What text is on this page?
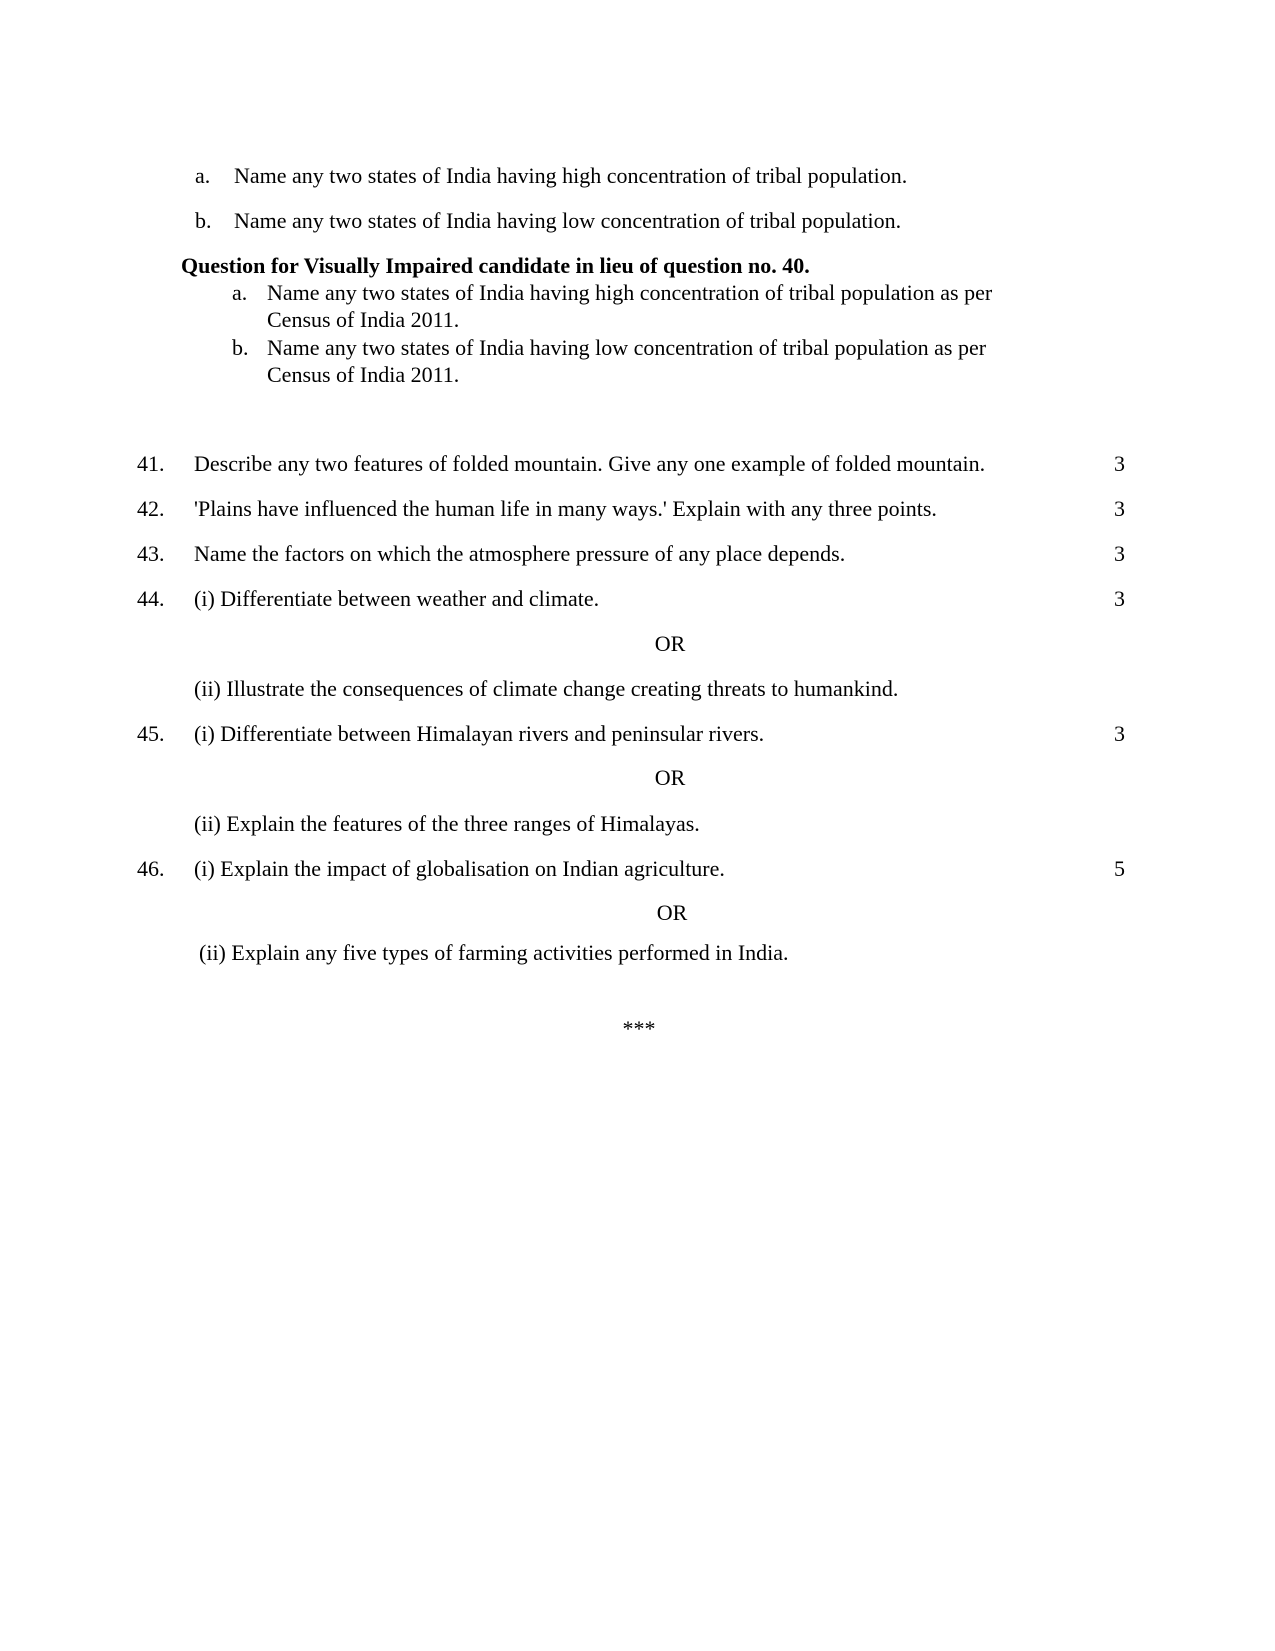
a. Name any two states of India having high concentration of tribal population.
b. Name any two states of India having low concentration of tribal population.
Question for Visually Impaired candidate in lieu of question no. 40.
a. Name any two states of India having high concentration of tribal population as per
Census of India 2011.
b. Name any two states of India having low concentration of tribal population as per
Census of India 2011.
41. Describe any two features of folded mountain. Give any one example of folded mountain.	3
42. 'Plains have influenced the human life in many ways.' Explain with any three points.	3
43. Name the factors on which the atmosphere pressure of any place depends.	3
44. (i) Differentiate between weather and climate.	3
OR
(ii) Illustrate the consequences of climate change creating threats to humankind.
45. (i) Differentiate between Himalayan rivers and peninsular rivers.	3
OR
(ii) Explain the features of the three ranges of Himalayas.
46. (i) Explain the impact of globalisation on Indian agriculture.	5
OR
(ii) Explain any five types of farming activities performed in India.
***
